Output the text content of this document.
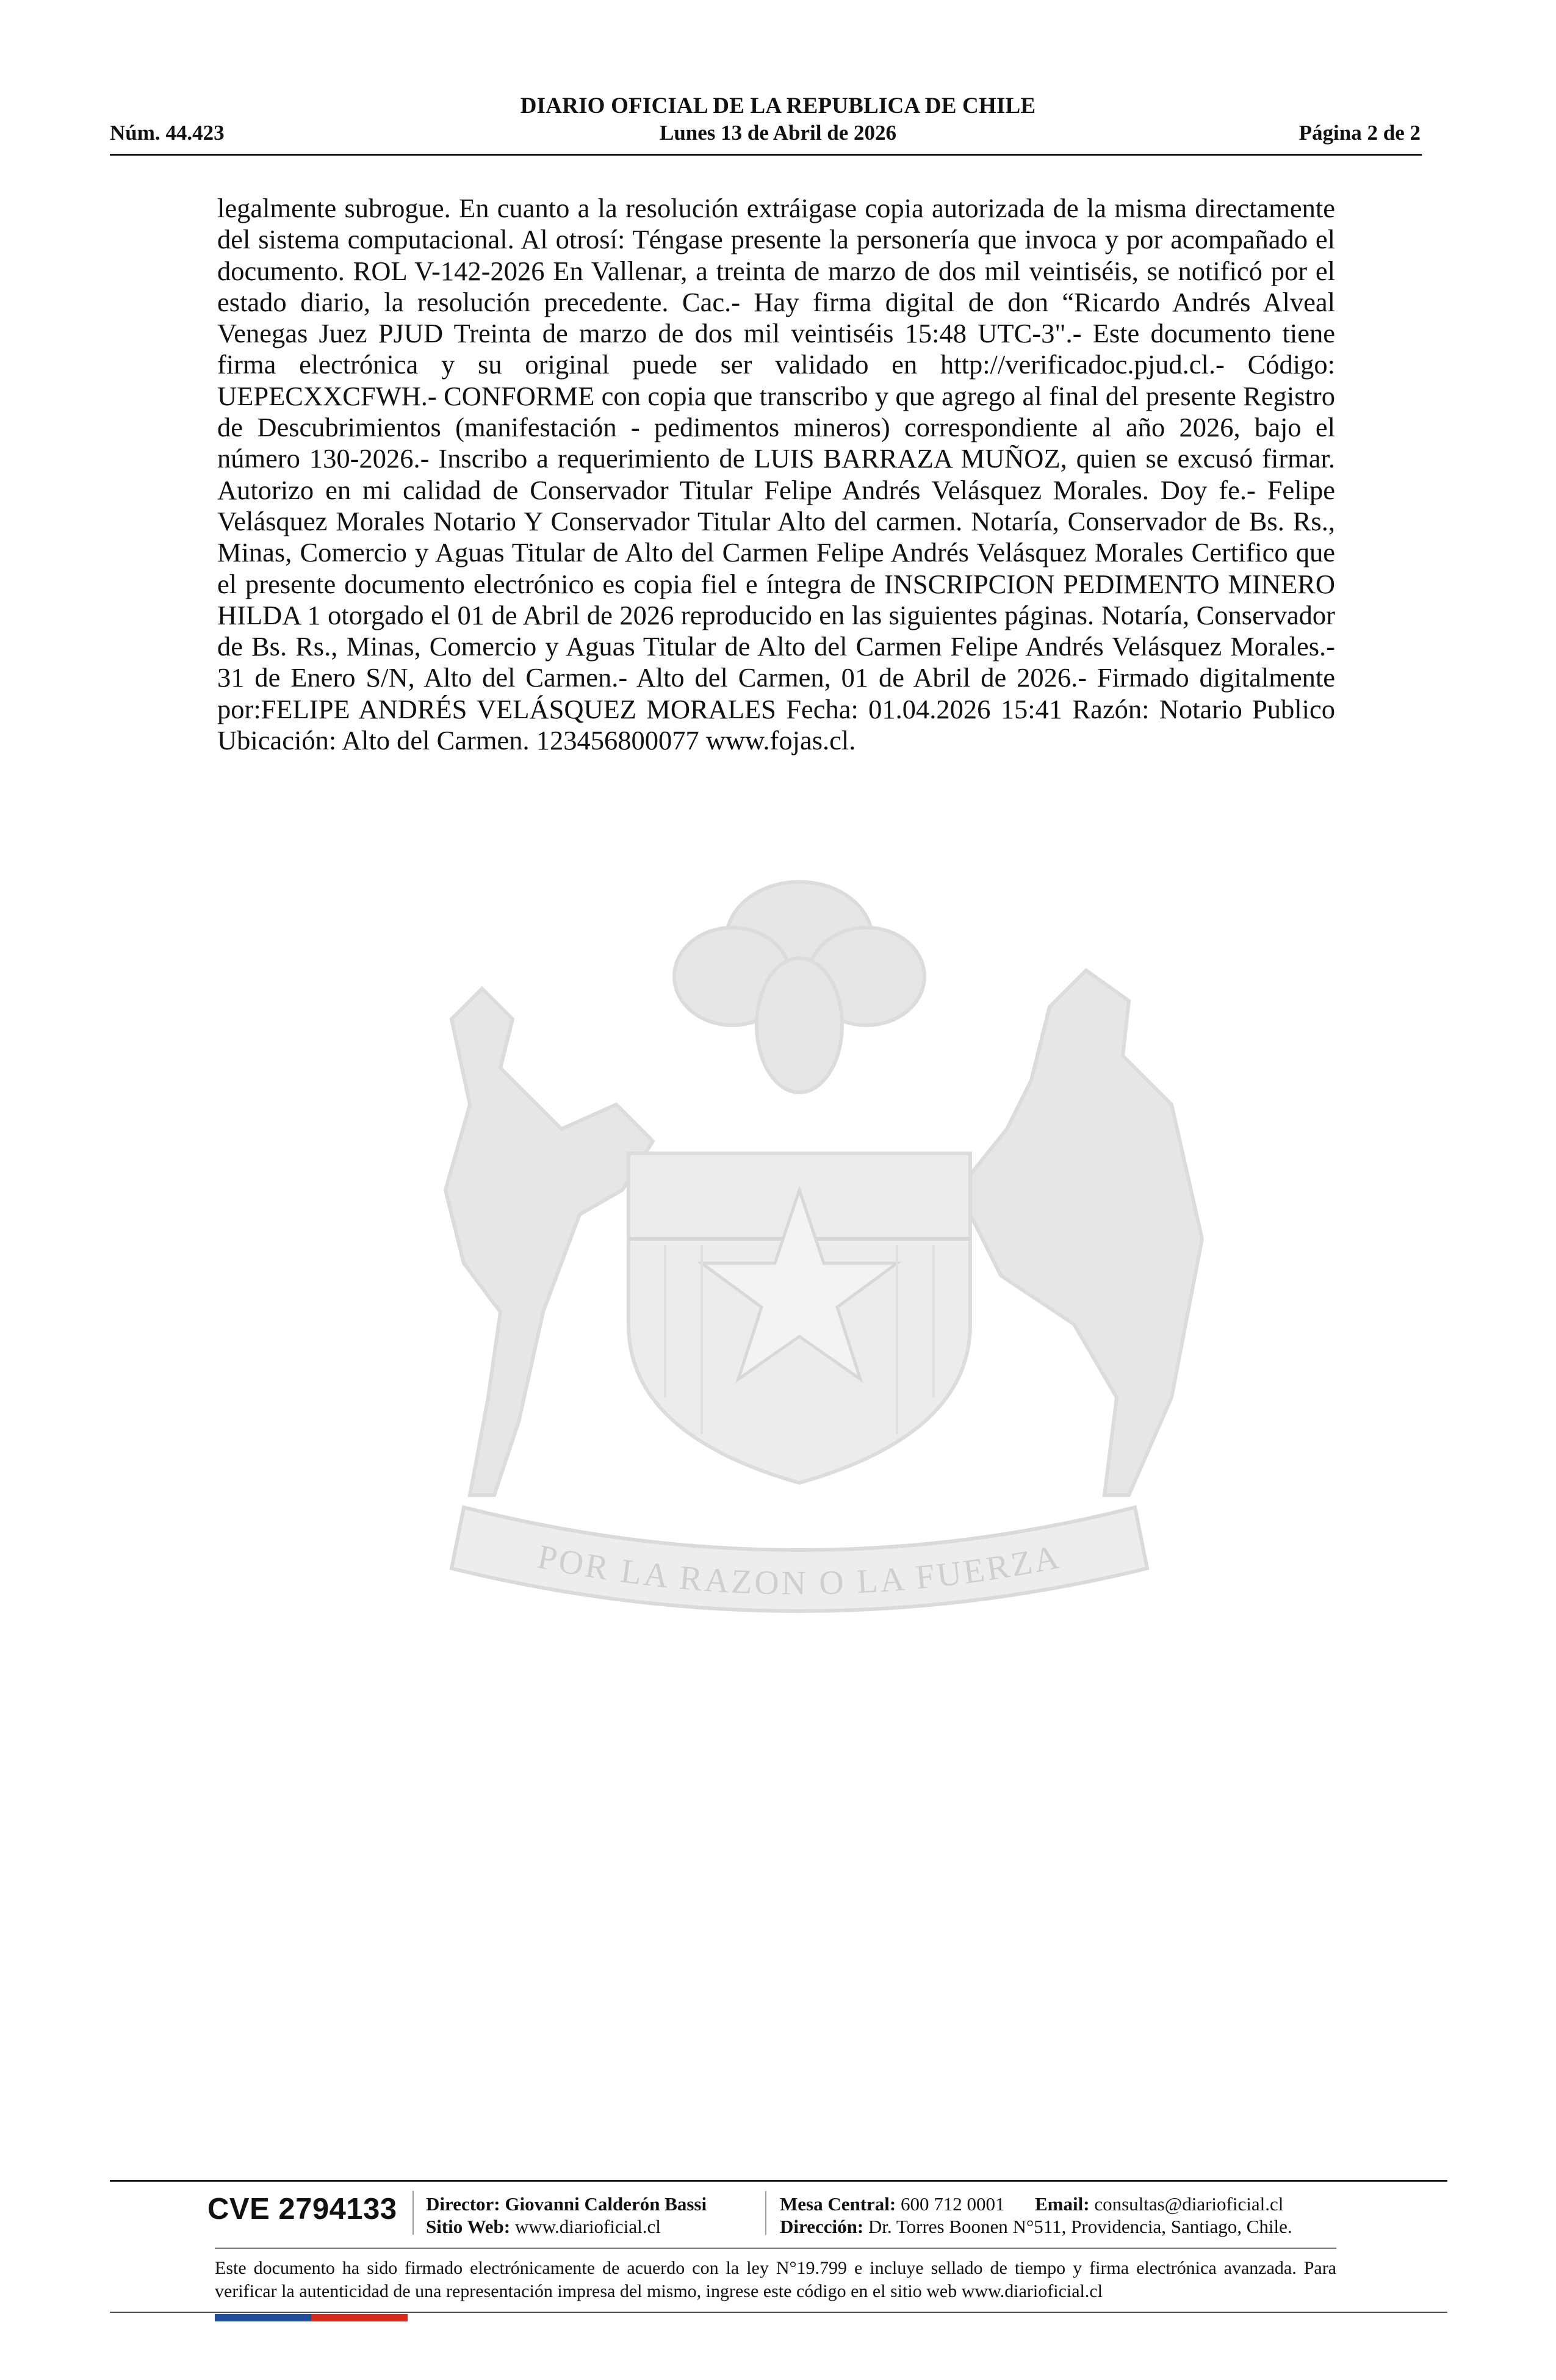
DIARIO OFICIAL DE LA REPUBLICA DE CHILE
Núm. 44.423	Lunes 13 de Abril de 2026	Página 2 de 2
POR LA RAZON O LA FUERZA
legalmente subrogue. En cuanto a la resolución extráigase copia autorizada de la misma directamente del sistema computacional. Al otrosí: Téngase presente la personería que invoca y por acompañado el documento. ROL V-142-2026 En Vallenar, a treinta de marzo de dos mil veintiséis, se notificó por el estado diario, la resolución precedente. Cac.- Hay firma digital de don “Ricardo Andrés Alveal Venegas Juez PJUD Treinta de marzo de dos mil veintiséis 15:48 UTC-3".- Este documento tiene firma electrónica y su original puede ser validado en http://verificadoc.pjud.cl.- Código: UEPECXXCFWH.- CONFORME con copia que transcribo y que agrego al final del presente Registro de Descubrimientos (manifestación - pedimentos mineros) correspondiente al año 2026, bajo el número 130-2026.- Inscribo a requerimiento de LUIS BARRAZA MUÑOZ, quien se excusó firmar. Autorizo en mi calidad de Conservador Titular Felipe Andrés Velásquez Morales. Doy fe.- Felipe Velásquez Morales Notario Y Conservador Titular Alto del carmen. Notaría, Conservador de Bs. Rs., Minas, Comercio y Aguas Titular de Alto del Carmen Felipe Andrés Velásquez Morales Certifico que el presente documento electrónico es copia fiel e íntegra de INSCRIPCION PEDIMENTO MINERO HILDA 1 otorgado el 01 de Abril de 2026 reproducido en las siguientes páginas. Notaría, Conservador de Bs. Rs., Minas, Comercio y Aguas Titular de Alto del Carmen Felipe Andrés Velásquez Morales.- 31 de Enero S/N, Alto del Carmen.- Alto del Carmen, 01 de Abril de 2026.- Firmado digitalmente por:FELIPE ANDRÉS VELÁSQUEZ MORALES Fecha: 01.04.2026 15:41 Razón: Notario Publico Ubicación: Alto del Carmen. 123456800077 www.fojas.cl.
CVE 2794133 Director: Giovanni Calderón Bassi
Sitio Web: www.diarioficial.cl
Mesa Central: 600 712 0001 Email: consultas@diarioficial.cl
Dirección: Dr. Torres Boonen N°511, Providencia, Santiago, Chile.
Este documento ha sido firmado electrónicamente de acuerdo con la ley N°19.799 e incluye sellado de tiempo y firma electrónica avanzada. Para verificar la autenticidad de una representación impresa del mismo, ingrese este código en el sitio web www.diarioficial.cl
